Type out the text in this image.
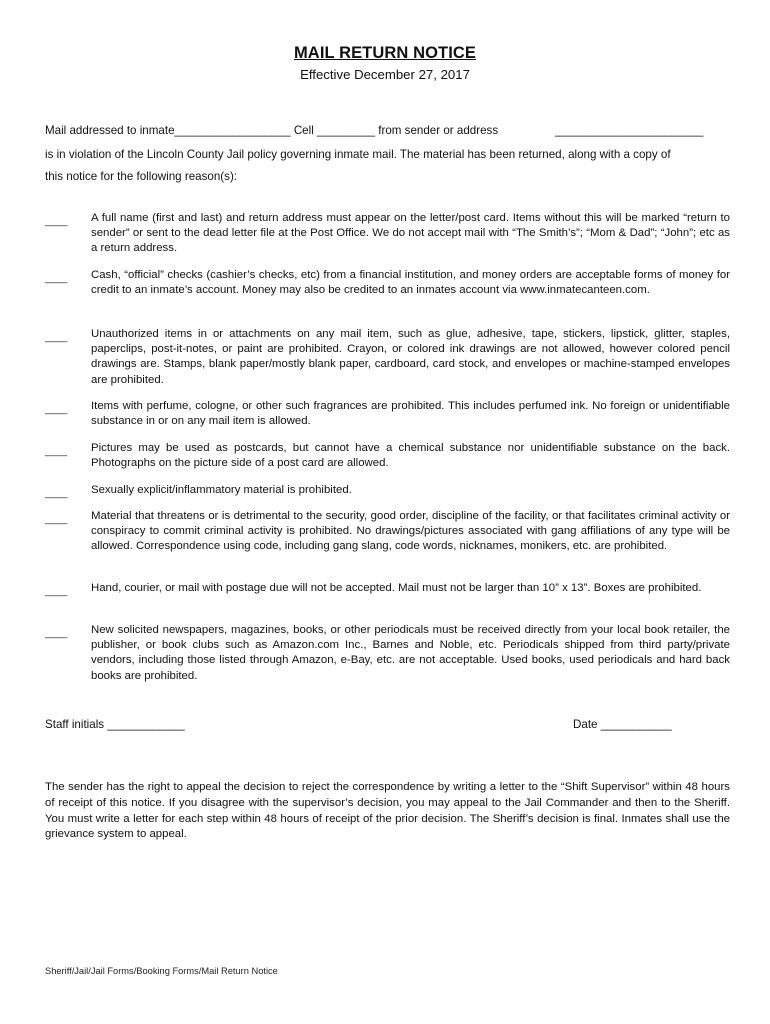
MAIL RETURN NOTICE
Effective December 27, 2017
Mail addressed to inmate__________________ Cell _________ from sender or address	_______________________
is in violation of the Lincoln County Jail policy governing inmate mail. The material has been returned, along with a copy of
this notice for the following reason(s):
____	A full name (first and last) and return address must appear on the letter/post card. Items without this will be marked “return to sender” or sent to the dead letter file at the Post Office. We do not accept mail with “The Smith’s”; “Mom & Dad”; “John”; etc as a return address.
____	Cash, “official” checks (cashier’s checks, etc) from a financial institution, and money orders are acceptable forms of money for credit to an inmate’s account. Money may also be credited to an inmates account via www.inmatecanteen.com.
____	Unauthorized items in or attachments on any mail item, such as glue, adhesive, tape, stickers, lipstick, glitter, staples, paperclips, post-it-notes, or paint are prohibited. Crayon, or colored ink drawings are not allowed, however colored pencil drawings are. Stamps, blank paper/mostly blank paper, cardboard, card stock, and envelopes or machine-stamped envelopes are prohibited.
____	Items with perfume, cologne, or other such fragrances are prohibited. This includes perfumed ink. No foreign or unidentifiable substance in or on any mail item is allowed.
____	Pictures may be used as postcards, but cannot have a chemical substance nor unidentifiable substance on the back. Photographs on the picture side of a post card are allowed.
____	Sexually explicit/inflammatory material is prohibited.
____	Material that threatens or is detrimental to the security, good order, discipline of the facility, or that facilitates criminal activity or conspiracy to commit criminal activity is prohibited. No drawings/pictures associated with gang affiliations of any type will be allowed. Correspondence using code, including gang slang, code words, nicknames, monikers, etc. are prohibited.
____	Hand, courier, or mail with postage due will not be accepted. Mail must not be larger than 10” x 13”. Boxes are prohibited.
____	New solicited newspapers, magazines, books, or other periodicals must be received directly from your local book retailer, the publisher, or book clubs such as Amazon.com Inc., Barnes and Noble, etc. Periodicals shipped from third party/private vendors, including those listed through Amazon, e-Bay, etc. are not acceptable. Used books, used periodicals and hard back books are prohibited.
Staff initials ____________	Date ___________
The sender has the right to appeal the decision to reject the correspondence by writing a letter to the “Shift Supervisor” within 48 hours of receipt of this notice. If you disagree with the supervisor’s decision, you may appeal to the Jail Commander and then to the Sheriff. You must write a letter for each step within 48 hours of receipt of the prior decision. The Sheriff’s decision is final. Inmates shall use the grievance system to appeal.
Sheriff/Jail/Jail Forms/Booking Forms/Mail Return Notice
